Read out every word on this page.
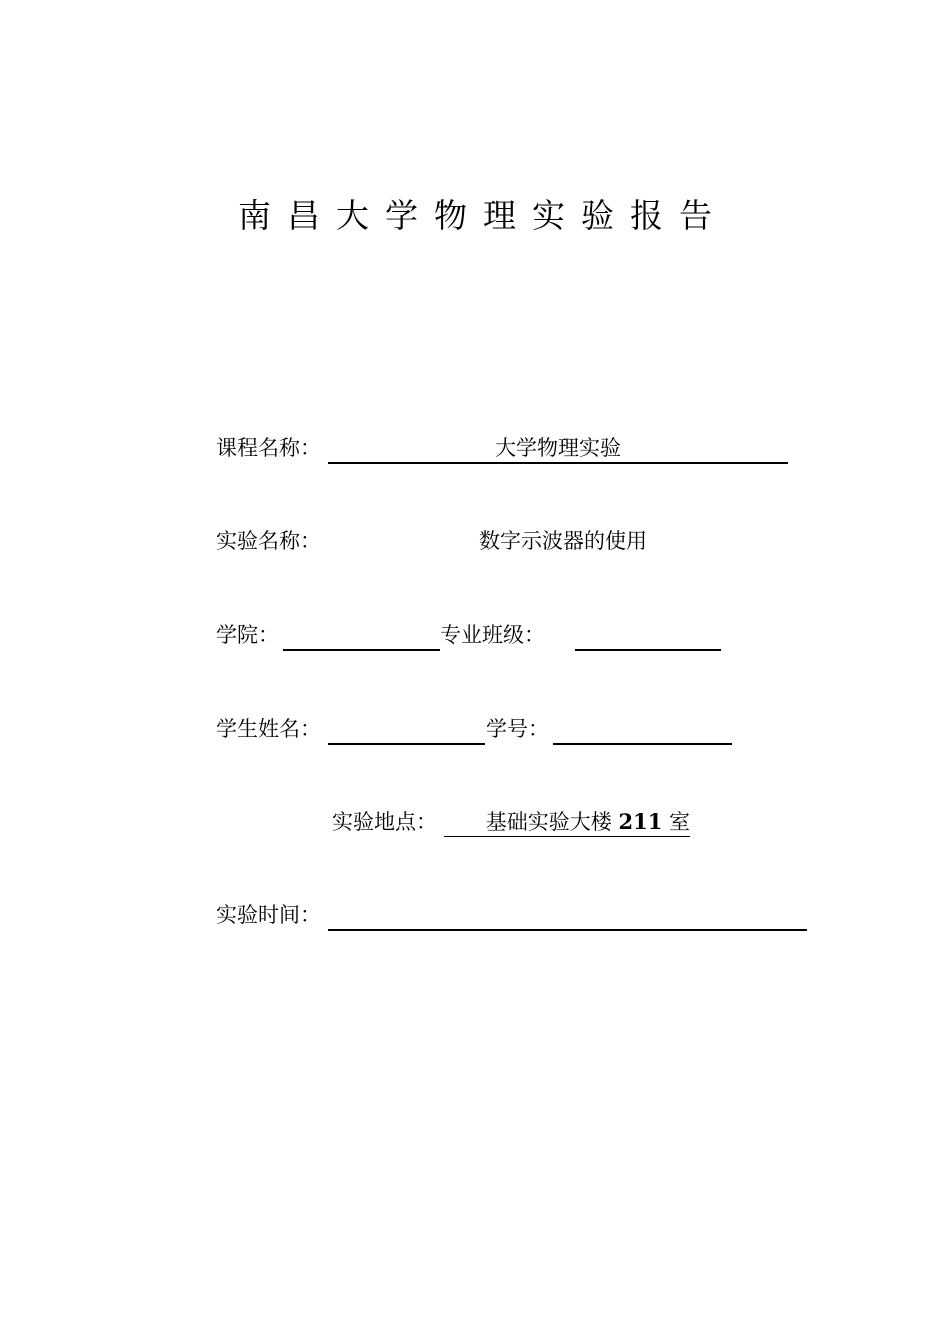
南昌大学物理实验报告
课程名称：	大学物理实验
实验名称：	数字示波器的使用
学院：	专业班级：
学生姓名：	学号：
实验地点：	基础实验大楼 211 室
实验时间：
